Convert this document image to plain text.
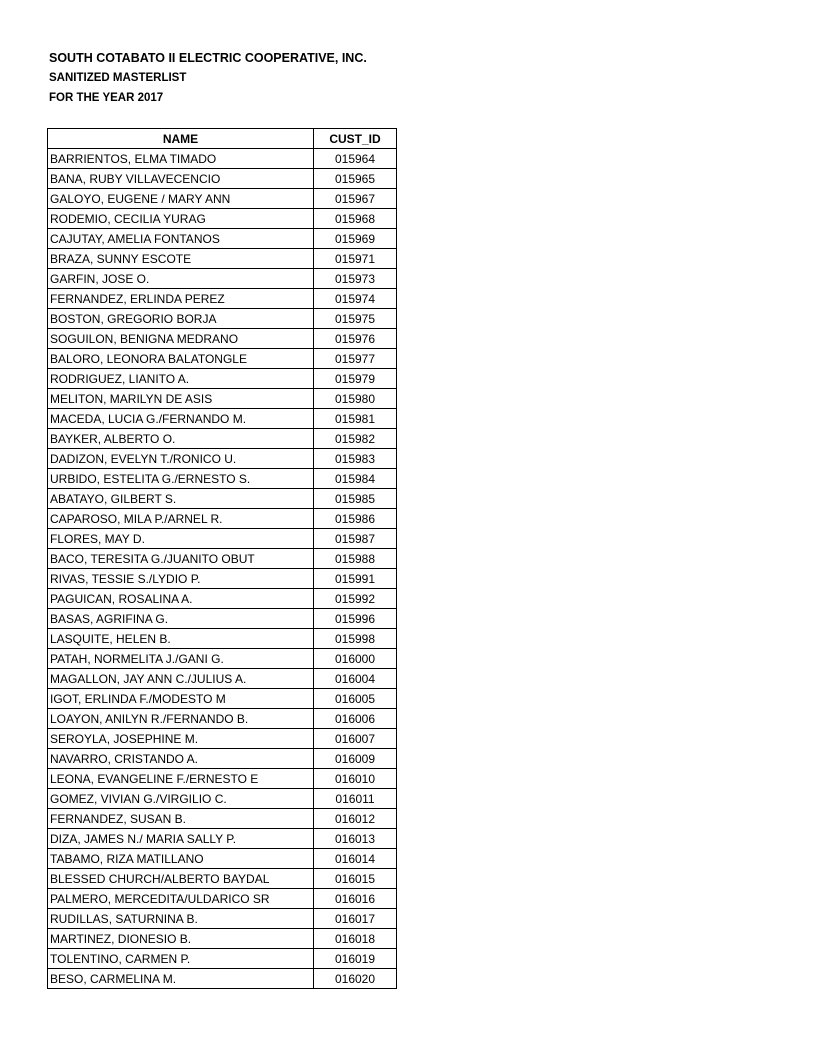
SOUTH COTABATO II ELECTRIC COOPERATIVE, INC.
SANITIZED MASTERLIST
FOR THE YEAR 2017
NAME	CUST_ID
BARRIENTOS, ELMA TIMADO	015964
BANA, RUBY VILLAVECENCIO	015965
GALOYO, EUGENE / MARY ANN	015967
RODEMIO, CECILIA YURAG	015968
CAJUTAY, AMELIA FONTANOS	015969
BRAZA, SUNNY ESCOTE	015971
GARFIN, JOSE O.	015973
FERNANDEZ, ERLINDA PEREZ	015974
BOSTON, GREGORIO BORJA	015975
SOGUILON, BENIGNA MEDRANO	015976
BALORO, LEONORA BALATONGLE	015977
RODRIGUEZ, LIANITO A.	015979
MELITON, MARILYN DE ASIS	015980
MACEDA, LUCIA G./FERNANDO M.	015981
BAYKER, ALBERTO O.	015982
DADIZON, EVELYN T./RONICO U.	015983
URBIDO, ESTELITA G./ERNESTO S.	015984
ABATAYO, GILBERT S.	015985
CAPAROSO, MILA P./ARNEL R.	015986
FLORES, MAY D.	015987
BACO, TERESITA G./JUANITO OBUT	015988
RIVAS, TESSIE S./LYDIO P.	015991
PAGUICAN, ROSALINA A.	015992
BASAS, AGRIFINA G.	015996
LASQUITE, HELEN B.	015998
PATAH, NORMELITA J./GANI G.	016000
MAGALLON, JAY ANN C./JULIUS A.	016004
IGOT, ERLINDA F./MODESTO M	016005
LOAYON, ANILYN R./FERNANDO B.	016006
SEROYLA, JOSEPHINE M.	016007
NAVARRO, CRISTANDO A.	016009
LEONA, EVANGELINE F./ERNESTO E	016010
GOMEZ, VIVIAN G./VIRGILIO C.	016011
FERNANDEZ, SUSAN B.	016012
DIZA, JAMES N./ MARIA SALLY P.	016013
TABAMO, RIZA MATILLANO	016014
BLESSED CHURCH/ALBERTO BAYDAL	016015
PALMERO, MERCEDITA/ULDARICO SR	016016
RUDILLAS, SATURNINA B.	016017
MARTINEZ, DIONESIO B.	016018
TOLENTINO, CARMEN P.	016019
BESO, CARMELINA M.	016020
